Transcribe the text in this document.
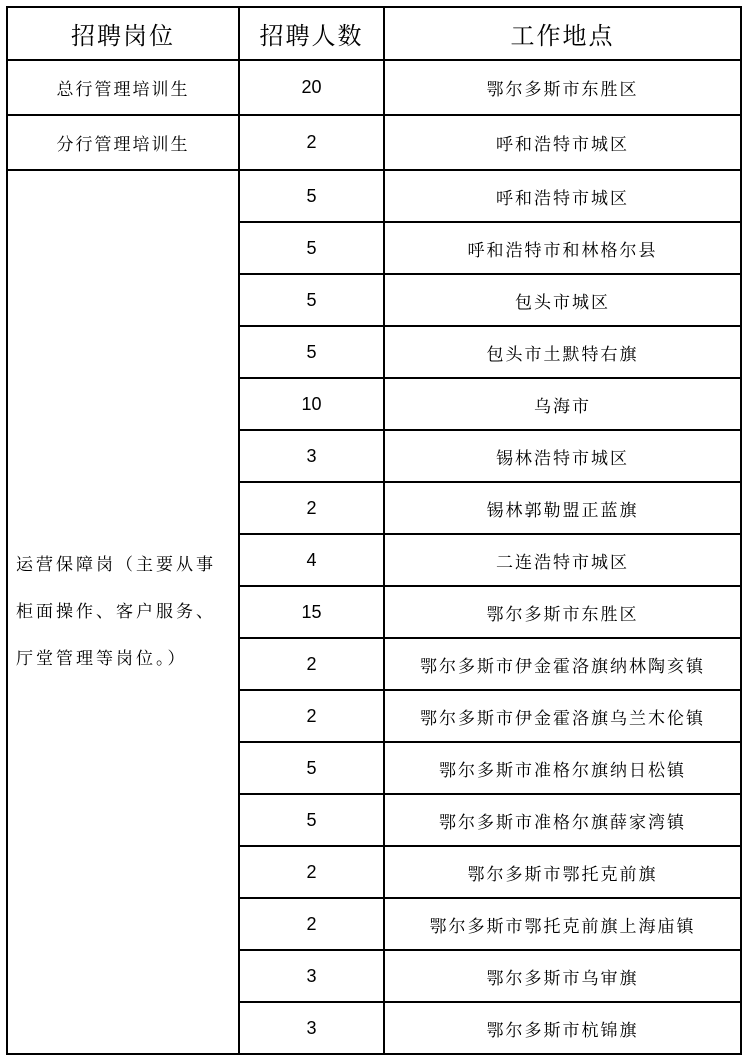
招聘岗位	招聘人数	工作地点
总行管理培训生	20	鄂尔多斯市东胜区
分行管理培训生	2	呼和浩特市城区

运营保障岗（主要从事
柜面操作、客户服务、
厅堂管理等岗位。）	5	呼和浩特市城区
	5	呼和浩特市和林格尔县
	5	包头市城区
	5	包头市土默特右旗
	10	乌海市
	3	锡林浩特市城区
	2	锡林郭勒盟正蓝旗
	4	二连浩特市城区
	15	鄂尔多斯市东胜区
	2	鄂尔多斯市伊金霍洛旗纳林陶亥镇
	2	鄂尔多斯市伊金霍洛旗乌兰木伦镇
	5	鄂尔多斯市准格尔旗纳日松镇
	5	鄂尔多斯市准格尔旗薛家湾镇
	2	鄂尔多斯市鄂托克前旗
	2	鄂尔多斯市鄂托克前旗上海庙镇
	3	鄂尔多斯市乌审旗
	3	鄂尔多斯市杭锦旗
